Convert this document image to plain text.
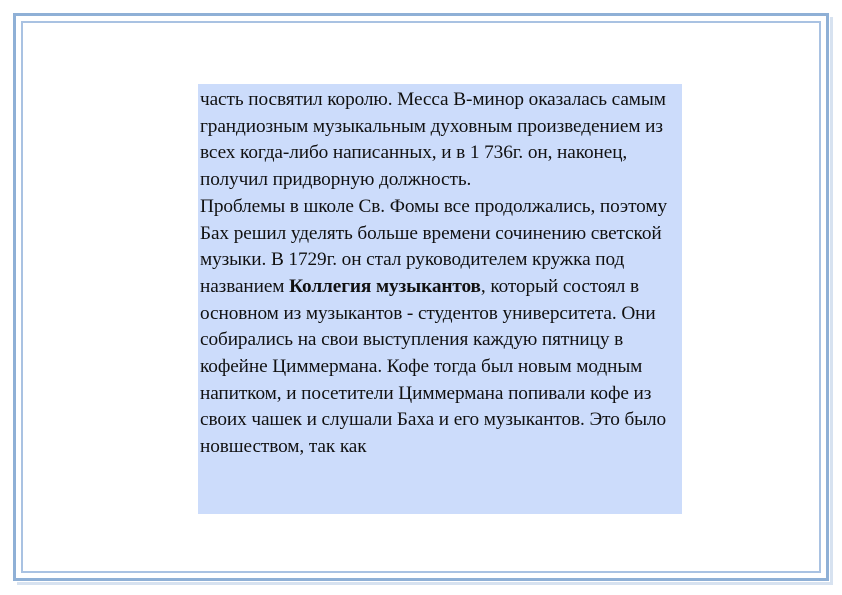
часть посвятил королю. Месса B-минор оказалась самым грандиозным музыкальным духовным произведением из всех когда-либо написанных, и в 1 736г. он, наконец, получил придворную должность.

Проблемы в школе Св. Фомы все продолжались, поэтому Бах решил уделять больше времени сочинению светской музыки. В 1729г. он стал руководителем кружка под названием Коллегия музыкантов, который состоял в основном из музыкантов - студентов университета. Они собирались на свои выступления каждую пятницу в кофейне Циммермана. Кофе тогда был новым модным напитком, и посетители Циммермана попивали кофе из своих чашек и слушали Баха и его музыкантов. Это было новшеством, так как
